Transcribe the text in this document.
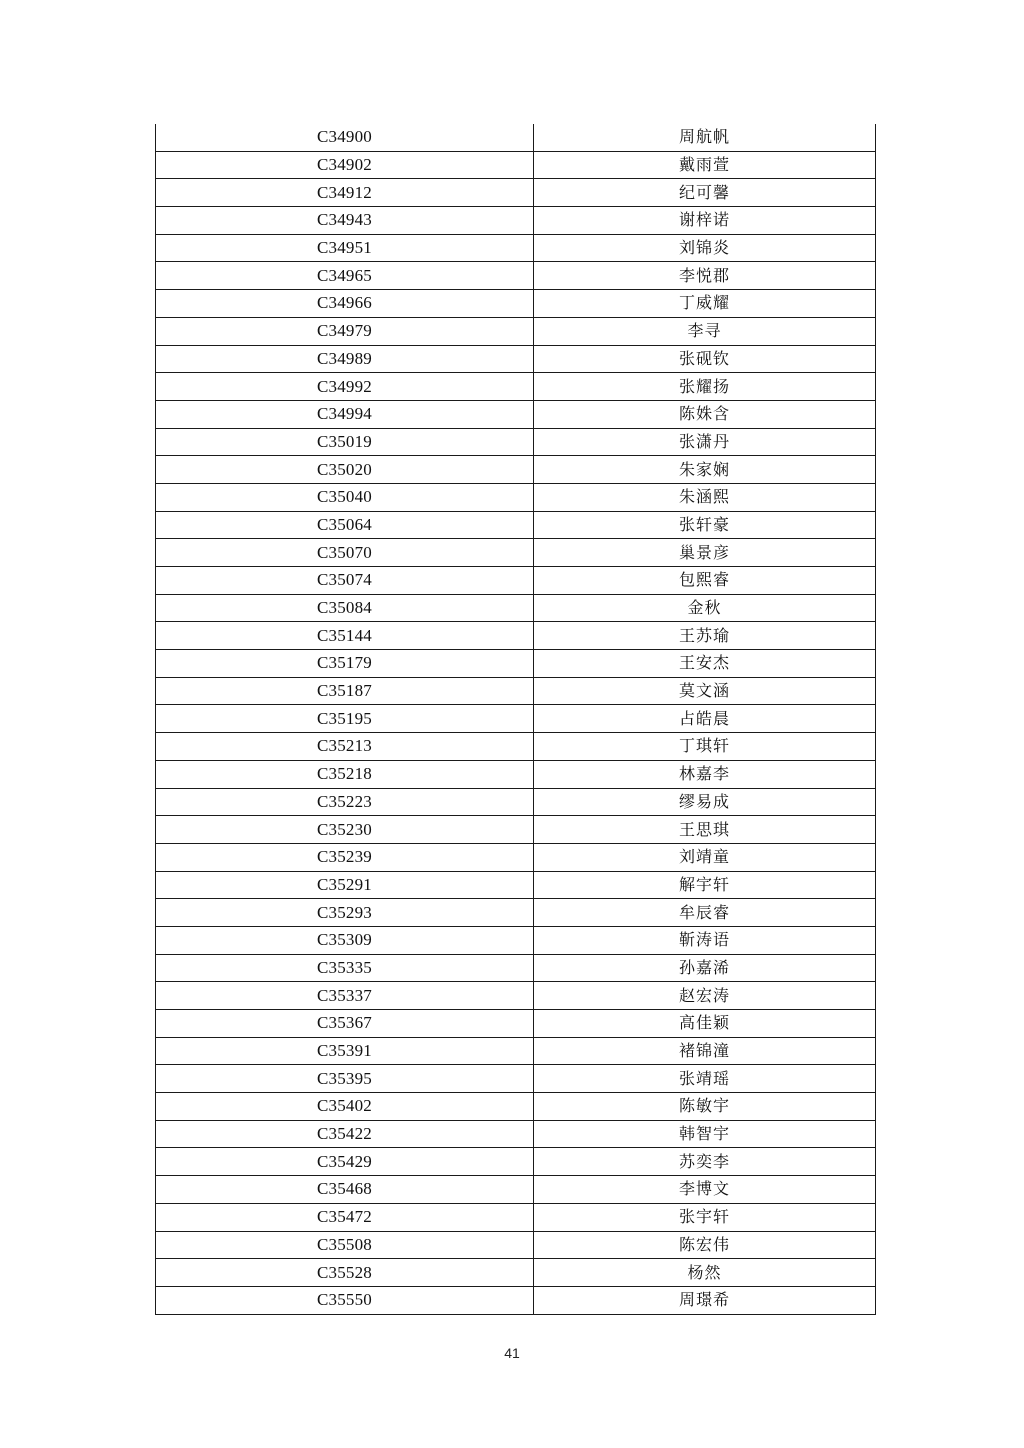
C34900	周航帆
C34902	戴雨萱
C34912	纪可馨
C34943	谢梓诺
C34951	刘锦炎
C34965	李悦郡
C34966	丁威耀
C34979	李寻
C34989	张砚钦
C34992	张耀扬
C34994	陈姝含
C35019	张潇丹
C35020	朱家娴
C35040	朱涵熙
C35064	张轩豪
C35070	巢景彦
C35074	包熙睿
C35084	金秋
C35144	王苏瑜
C35179	王安杰
C35187	莫文涵
C35195	占皓晨
C35213	丁琪轩
C35218	林嘉李
C35223	缪易成
C35230	王思琪
C35239	刘靖童
C35291	解宇轩
C35293	牟辰睿
C35309	靳涛语
C35335	孙嘉浠
C35337	赵宏涛
C35367	高佳颖
C35391	褚锦潼
C35395	张靖瑶
C35402	陈敏宇
C35422	韩智宇
C35429	苏奕李
C35468	李博文
C35472	张宇轩
C35508	陈宏伟
C35528	杨然
C35550	周璟希
41
